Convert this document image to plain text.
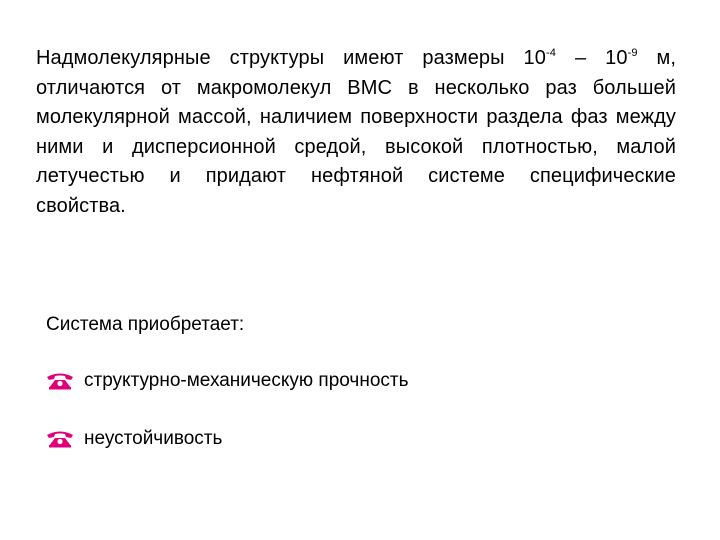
Надмолекулярные структуры имеют размеры $10^{-4} - 10^{-9}$ м, отличаются от макромолекул ВМС в несколько раз большей молекулярной массой, наличием поверхности раздела фаз между ними и дисперсионной средой, высокой плотностью, малой летучестью и придают нефтяной системе специфические свойства.

Система приобретает:

структурно-механическую прочность
неустойчивость
